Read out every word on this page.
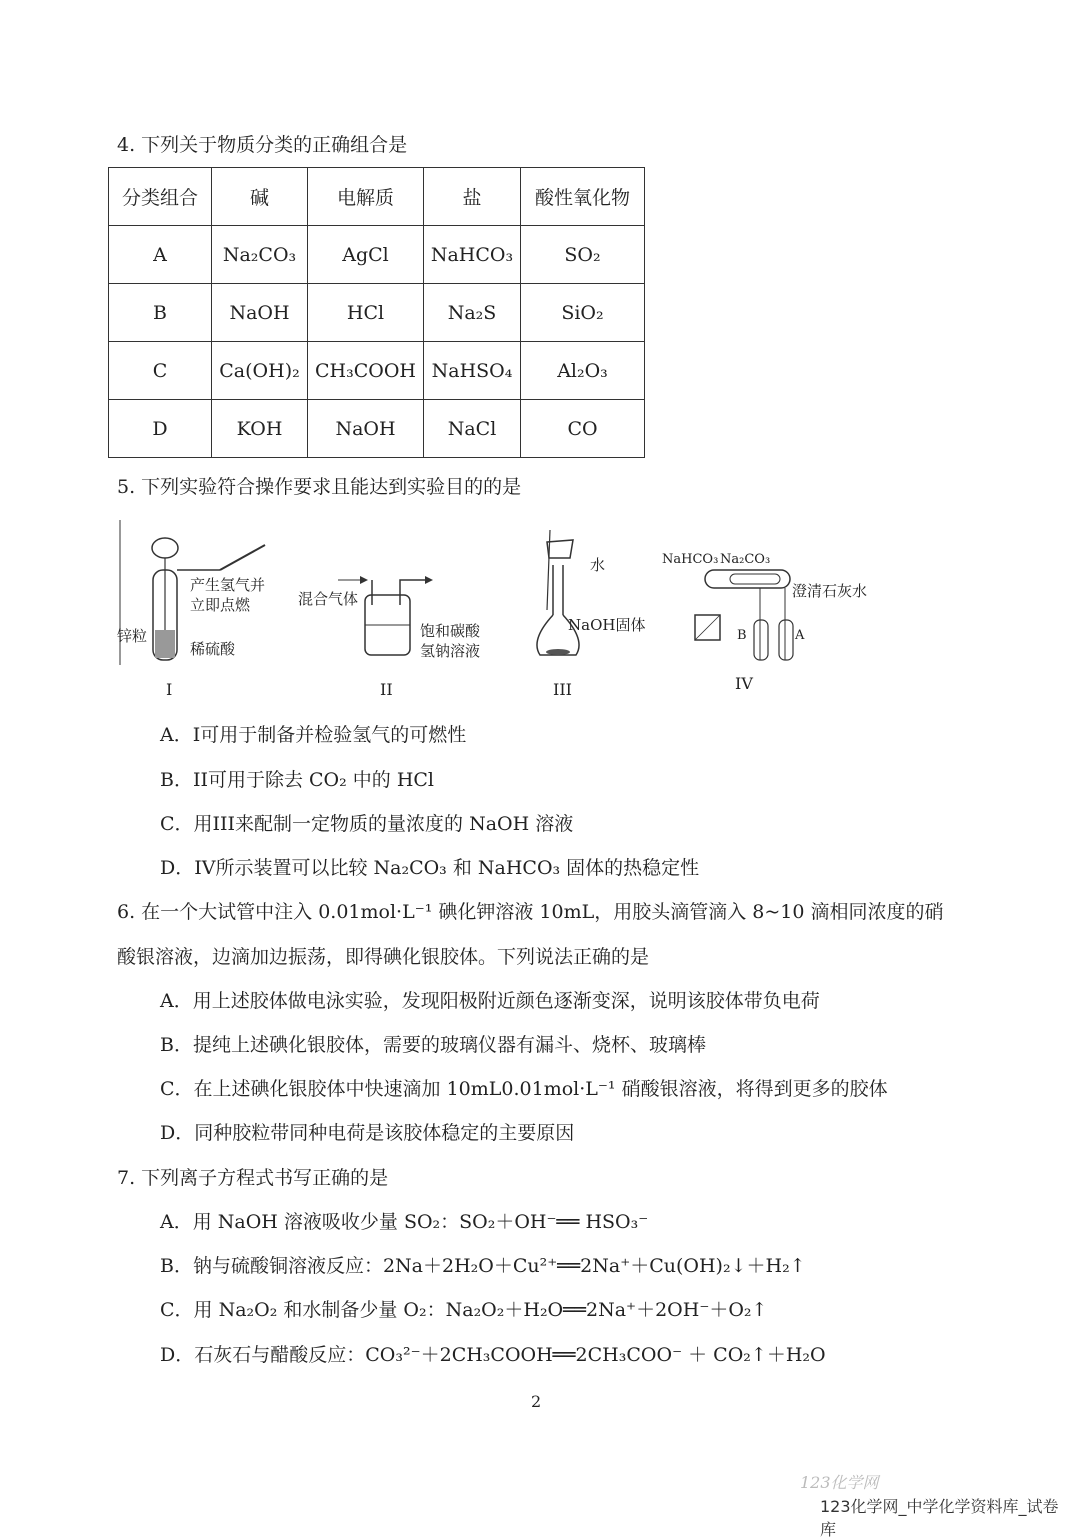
4. 下列关于物质分类的正确组合是
分类组合	碱	电解质	盐	酸性氧化物
A	Na₂CO₃	AgCl	NaHCO₃	SO₂
B	NaOH	HCl	Na₂S	SiO₂
C	Ca(OH)₂	CH₃COOH	NaHSO₄	Al₂O₃
D	KOH	NaOH	NaCl	CO
5. 下列实验符合操作要求且能达到实验目的的是
产生氢气并
立即点燃
锌粒
稀硫酸
I
混合气体
饱和碳酸
氢钠溶液
II
水
NaOH固体
III
NaHCO₃ Na₂CO₃
澄清石灰水
B	A
IV
A．I可用于制备并检验氢气的可燃性
B．II可用于除去 CO₂ 中的 HCl
C．用III来配制一定物质的量浓度的 NaOH 溶液
D．IV所示装置可以比较 Na₂CO₃ 和 NaHCO₃ 固体的热稳定性
6. 在一个大试管中注入 0.01mol·L⁻¹ 碘化钾溶液 10mL，用胶头滴管滴入 8~10 滴相同浓度的硝
酸银溶液，边滴加边振荡，即得碘化银胶体。下列说法正确的是
A．用上述胶体做电泳实验，发现阳极附近颜色逐渐变深，说明该胶体带负电荷
B．提纯上述碘化银胶体，需要的玻璃仪器有漏斗、烧杯、玻璃棒
C．在上述碘化银胶体中快速滴加 10mL0.01mol·L⁻¹ 硝酸银溶液，将得到更多的胶体
D．同种胶粒带同种电荷是该胶体稳定的主要原因
7. 下列离子方程式书写正确的是
A．用 NaOH 溶液吸收少量 SO₂：SO₂＋OH⁻══ HSO₃⁻
B．钠与硫酸铜溶液反应：2Na＋2H₂O＋Cu²⁺══2Na⁺＋Cu(OH)₂↓＋H₂↑
C．用 Na₂O₂ 和水制备少量 O₂：Na₂O₂＋H₂O══2Na⁺＋2OH⁻＋O₂↑
D．石灰石与醋酸反应：CO₃²⁻＋2CH₃COOH══2CH₃COO⁻ ＋ CO₂↑＋H₂O
2
123化学网
123化学网_中学化学资料库_试卷库
